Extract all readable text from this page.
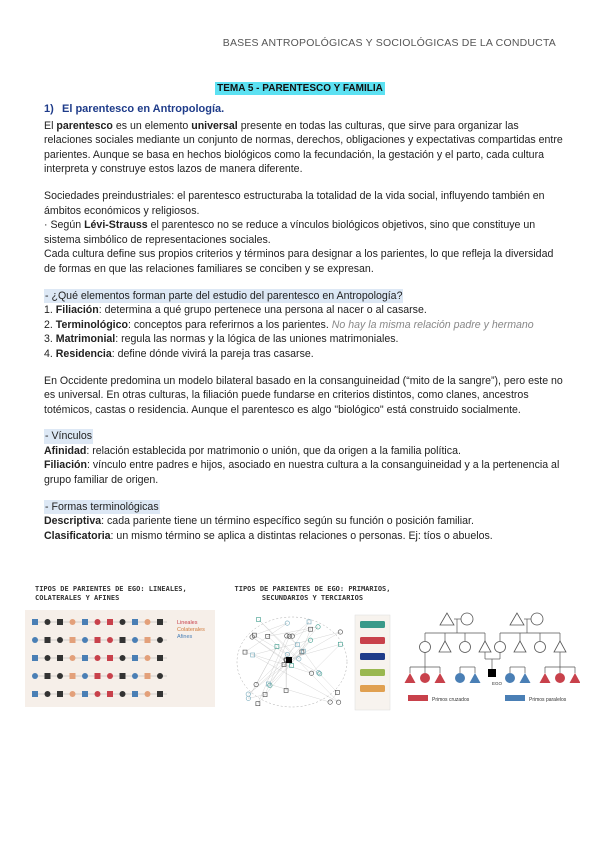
BASES ANTROPOLÓGICAS Y SOCIOLÓGICAS DE LA CONDUCTA
TEMA 5 - PARENTESCO Y FAMILIA
1) El parentesco en Antropología.

El parentesco es un elemento universal presente en todas las culturas, que sirve para organizar las relaciones sociales mediante un conjunto de normas, derechos, obligaciones y expectativas compartidas entre parientes. Aunque se basa en hechos biológicos como la fecundación, la gestación y el parto, cada cultura interpreta y construye estos lazos de manera diferente.

Sociedades preindustriales: el parentesco estructuraba la totalidad de la vida social, influyendo también en ámbitos económicos y religiosos.

· Según Lévi-Strauss el parentesco no se reduce a vínculos biológicos objetivos, sino que constituye un sistema simbólico de representaciones sociales.

Cada cultura define sus propios criterios y términos para designar a los parientes, lo que refleja la diversidad de formas en que las relaciones familiares se conciben y se expresan.

- ¿Qué elementos forman parte del estudio del parentesco en Antropología?

1. Filiación: determina a qué grupo pertenece una persona al nacer o al casarse.

2. Terminológico: conceptos para referirnos a los parientes. No hay la misma relación padre y hermano

3. Matrimonial: regula las normas y la lógica de las uniones matrimoniales.

4. Residencia: define dónde vivirá la pareja tras casarse.

En Occidente predomina un modelo bilateral basado en la consanguineidad (“mito de la sangre”), pero este no es universal. En otras culturas, la filiación puede fundarse en criterios distintos, como clanes, ancestros totémicos, castas o residencia. Aunque el parentesco es algo "biológico" está construido socialmente.

- Vínculos

Afinidad: relación establecida por matrimonio o unión, que da origen a la familia política.

Filiación: vínculo entre padres e hijos, asociado en nuestra cultura a la consanguineidad y a la pertenencia al grupo familiar de origen.

- Formas terminológicas

Descriptiva: cada pariente tiene un término específico según su función o posición familiar.

Clasificatoria: un mismo término se aplica a distintas relaciones o personas. Ej: tíos o abuelos.

TIPOS DE PARIENTES DE EGO: LINEALES,
COLATERALES Y AFINES
Lineales
Colaterales
Afines
TIPOS DE PARIENTES DE EGO: PRIMARIOS,
SECUNDARIOS Y TERCIARIOS
EGO
Primos cruzados	Primos paralelos
